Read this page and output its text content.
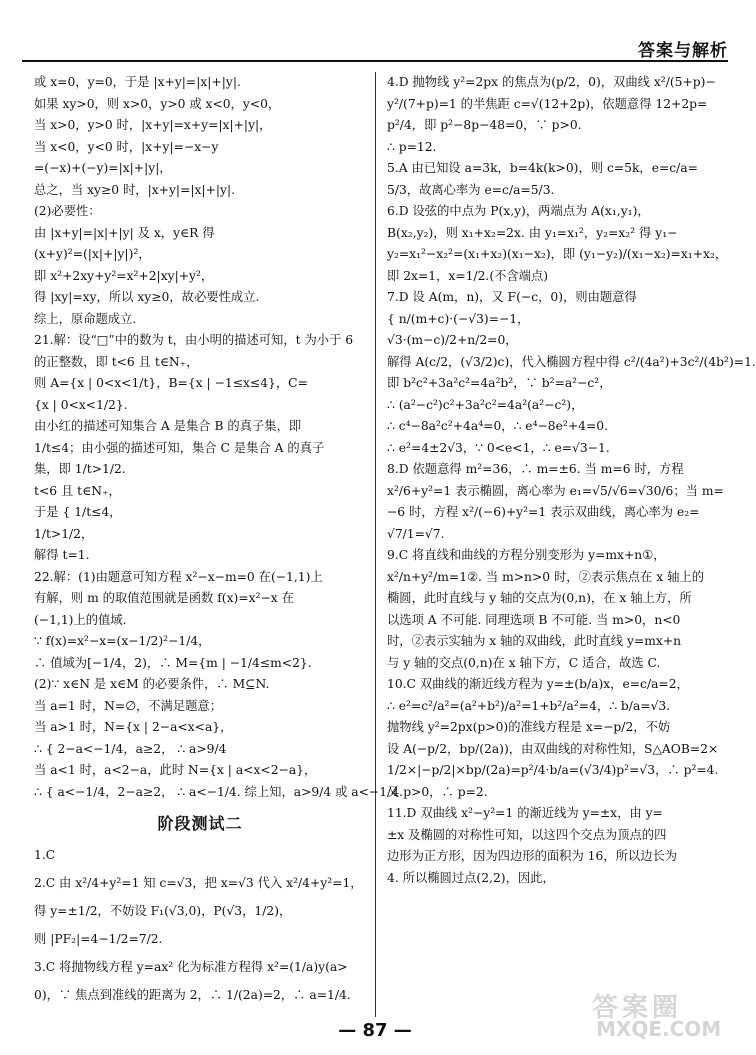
答案与解析
或 x=0，y=0，于是 |x+y|=|x|+|y|.
如果 xy>0，则 x>0，y>0 或 x<0，y<0，
当 x>0，y>0 时，|x+y|=x+y=|x|+|y|，
当 x<0，y<0 时，|x+y|=−x−y
=(−x)+(−y)=|x|+|y|，
总之，当 xy≥0 时，|x+y|=|x|+|y|.
(2)必要性：
由 |x+y|=|x|+|y| 及 x，y∈R 得
(x+y)²=(|x|+|y|)²，
即 x²+2xy+y²=x²+2|xy|+y²，
得 |xy|=xy，所以 xy≥0，故必要性成立.
综上，原命题成立.
21.解：设“□”中的数为 t，由小明的描述可知，t 为小于 6
的正整数，即 t<6 且 t∈N₊，
则 A={x | 0<x<1/t}，B={x | −1≤x≤4}，C=
{x | 0<x<1/2}.
由小红的描述可知集合 A 是集合 B 的真子集，即
1/t≤4；由小强的描述可知，集合 C 是集合 A 的真子
集，即 1/t>1/2.
t<6 且 t∈N₊，
于是 { 1/t≤4，
1/t>1/2，
解得 t=1.
22.解：(1)由题意可知方程 x²−x−m=0 在(−1,1)上
有解，则 m 的取值范围就是函数 f(x)=x²−x 在
(−1,1)上的值域.
∵ f(x)=x²−x=(x−1/2)²−1/4，
∴ 值域为[−1/4，2)，∴ M={m | −1/4≤m<2}.
(2)∵ x∈N 是 x∈M 的必要条件，∴ M⊆N.
当 a=1 时，N=∅，不满足题意；
当 a>1 时，N={x | 2−a<x<a}，
∴ { 2−a<−1/4，a≥2， ∴ a>9/4
当 a<1 时，a<2−a，此时 N={x | a<x<2−a}，
∴ { a<−1/4，2−a≥2， ∴ a<−1/4. 综上知，a>9/4 或 a<−1/4.
阶段测试二
1.C
2.C 由 x²/4+y²=1 知 c=√3，把 x=√3 代入 x²/4+y²=1，
得 y=±1/2，不妨设 F₁(√3,0)，P(√3，1/2)，
则 |PF₂|=4−1/2=7/2.
3.C 将抛物线方程 y=ax² 化为标准方程得 x²=(1/a)y(a>
0)，∵ 焦点到准线的距离为 2，∴ 1/(2a)=2，∴ a=1/4.
4.D 抛物线 y²=2px 的焦点为(p/2，0)，双曲线 x²/(5+p)−
y²/(7+p)=1 的半焦距 c=√(12+2p)，依题意得 12+2p=
p²/4，即 p²−8p−48=0，∵ p>0.
∴ p=12.
5.A 由已知设 a=3k，b=4k(k>0)，则 c=5k，e=c/a=
5/3，故离心率为 e=c/a=5/3.
6.D 设弦的中点为 P(x,y)，两端点为 A(x₁,y₁)，
B(x₂,y₂)，则 x₁+x₂=2x. 由 y₁=x₁²，y₂=x₂² 得 y₁−
y₂=x₁²−x₂²=(x₁+x₂)(x₁−x₂)，即 (y₁−y₂)/(x₁−x₂)=x₁+x₂，
即 2x=1，x=1/2.(不含端点)
7.D 设 A(m，n)，又 F(−c，0)，则由题意得
{ n/(m+c)·(−√3)=−1，
√3·(m−c)/2+n/2=0，
解得 A(c/2，(√3/2)c)，代入椭圆方程中得 c²/(4a²)+3c²/(4b²)=1.
即 b²c²+3a²c²=4a²b²，∵ b²=a²−c²，
∴ (a²−c²)c²+3a²c²=4a²(a²−c²)，
∴ c⁴−8a²c²+4a⁴=0，∴ e⁴−8e²+4=0.
∴ e²=4±2√3，∵ 0<e<1，∴ e=√3−1.
8.D 依题意得 m²=36，∴ m=±6. 当 m=6 时，方程
x²/6+y²=1 表示椭圆，离心率为 e₁=√5/√6=√30/6；当 m=
−6 时，方程 x²/(−6)+y²=1 表示双曲线，离心率为 e₂=
√7/1=√7.
9.C 将直线和曲线的方程分别变形为 y=mx+n①，
x²/n+y²/m=1②. 当 m>n>0 时，②表示焦点在 x 轴上的
椭圆，此时直线与 y 轴的交点为(0,n)，在 x 轴上方，所
以选项 A 不可能. 同理选项 B 不可能. 当 m>0，n<0
时，②表示实轴为 x 轴的双曲线，此时直线 y=mx+n
与 y 轴的交点(0,n)在 x 轴下方，C 适合，故选 C.
10.C 双曲线的渐近线方程为 y=±(b/a)x，e=c/a=2，
∴ e²=c²/a²=(a²+b²)/a²=1+b²/a²=4，∴ b/a=√3.
抛物线 y²=2px(p>0)的准线方程是 x=−p/2，不妨
设 A(−p/2，bp/(2a))，由双曲线的对称性知，S△AOB=2×
1/2×|−p/2|×bp/(2a)=p²/4·b/a=(√3/4)p²=√3，∴ p²=4.
又 p>0，∴ p=2.
11.D 双曲线 x²−y²=1 的渐近线为 y=±x，由 y=
±x 及椭圆的对称性可知，以这四个交点为顶点的四
边形为正方形，因为四边形的面积为 16，所以边长为
4. 所以椭圆过点(2,2)，因此，
— 87 —
答案圈
MXQE.COM
